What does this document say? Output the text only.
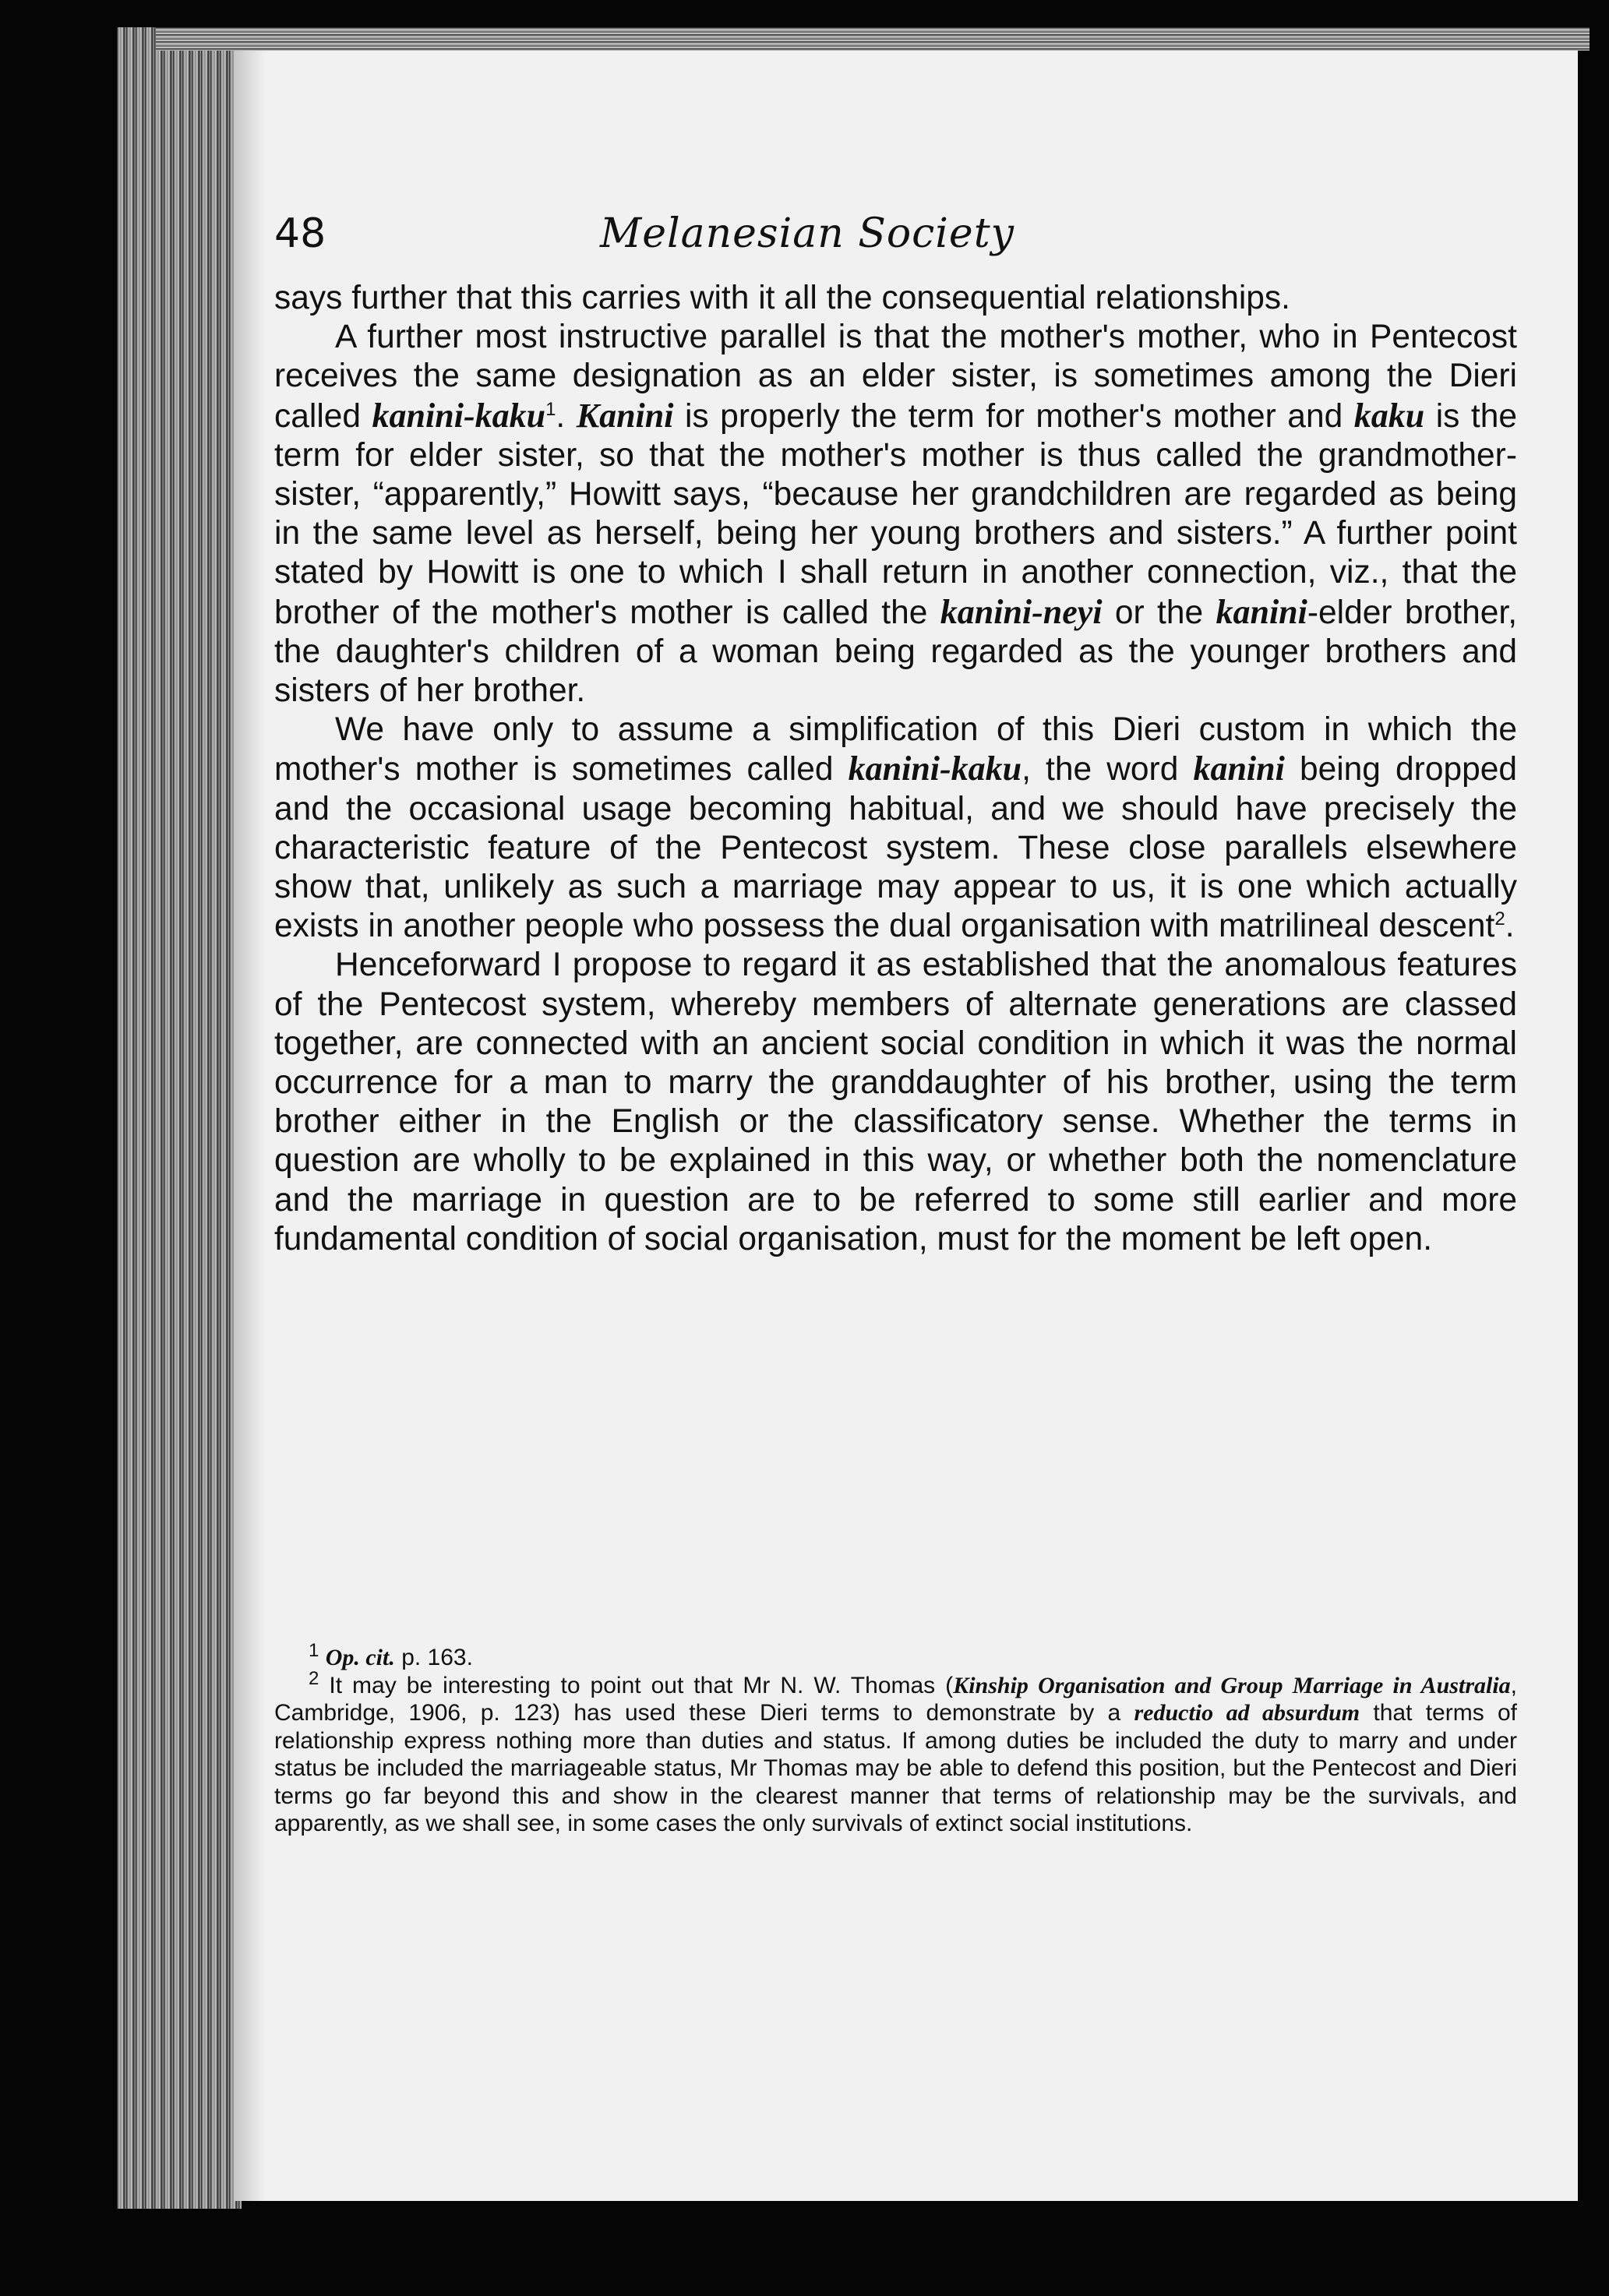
48	Melanesian Society

says further that this carries with it all the consequential relationships.

A further most instructive parallel is that the mother's mother, who in Pentecost receives the same designation as an elder sister, is sometimes among the Dieri called kanini-kaku$^1$. Kanini is properly the term for mother's mother and kaku is the term for elder sister, so that the mother's mother is thus called the grandmother-sister, “apparently,” Howitt says, “because her grandchildren are regarded as being in the same level as herself, being her young brothers and sisters.” A further point stated by Howitt is one to which I shall return in another connection, viz., that the brother of the mother's mother is called the kanini-neyi or the kanini-elder brother, the daughter's children of a woman being regarded as the younger brothers and sisters of her brother.

We have only to assume a simplification of this Dieri custom in which the mother's mother is sometimes called kanini-kaku, the word kanini being dropped and the occasional usage becoming habitual, and we should have precisely the characteristic feature of the Pentecost system. These close parallels elsewhere show that, unlikely as such a marriage may appear to us, it is one which actually exists in another people who possess the dual organisation with matrilineal descent$^2$.

Henceforward I propose to regard it as established that the anomalous features of the Pentecost system, whereby members of alternate generations are classed together, are connected with an ancient social condition in which it was the normal occurrence for a man to marry the granddaughter of his brother, using the term brother either in the English or the classificatory sense. Whether the terms in question are wholly to be explained in this way, or whether both the nomenclature and the marriage in question are to be referred to some still earlier and more fundamental condition of social organisation, must for the moment be left open.

$^1$ Op. cit. p. 163.

$^2$ It may be interesting to point out that Mr N. W. Thomas (Kinship Organisation and Group Marriage in Australia, Cambridge, 1906, p. 123) has used these Dieri terms to demonstrate by a reductio ad absurdum that terms of relationship express nothing more than duties and status. If among duties be included the duty to marry and under status be included the marriageable status, Mr Thomas may be able to defend this position, but the Pentecost and Dieri terms go far beyond this and show in the clearest manner that terms of relationship may be the survivals, and apparently, as we shall see, in some cases the only survivals of extinct social institutions.
